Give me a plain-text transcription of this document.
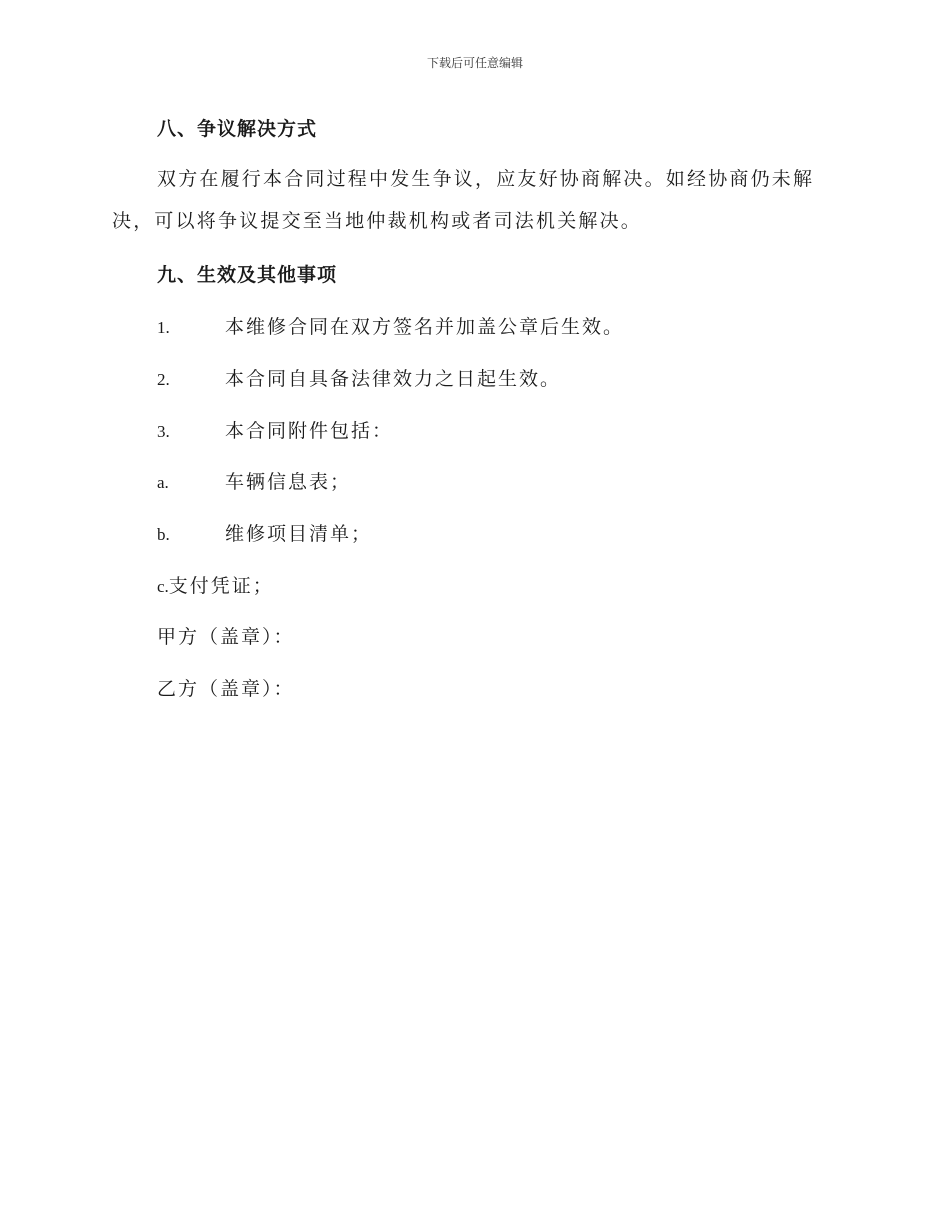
下载后可任意编辑
八、争议解决方式
双方在履行本合同过程中发生争议，应友好协商解决。如经协商仍未解决，可以将争议提交至当地仲裁机构或者司法机关解决。
九、生效及其他事项
1.	本维修合同在双方签名并加盖公章后生效。
2.	本合同自具备法律效力之日起生效。
3.	本合同附件包括：
a.	车辆信息表；
b.	维修项目清单；
c.支付凭证；
甲方（盖章）：
乙方（盖章）：
